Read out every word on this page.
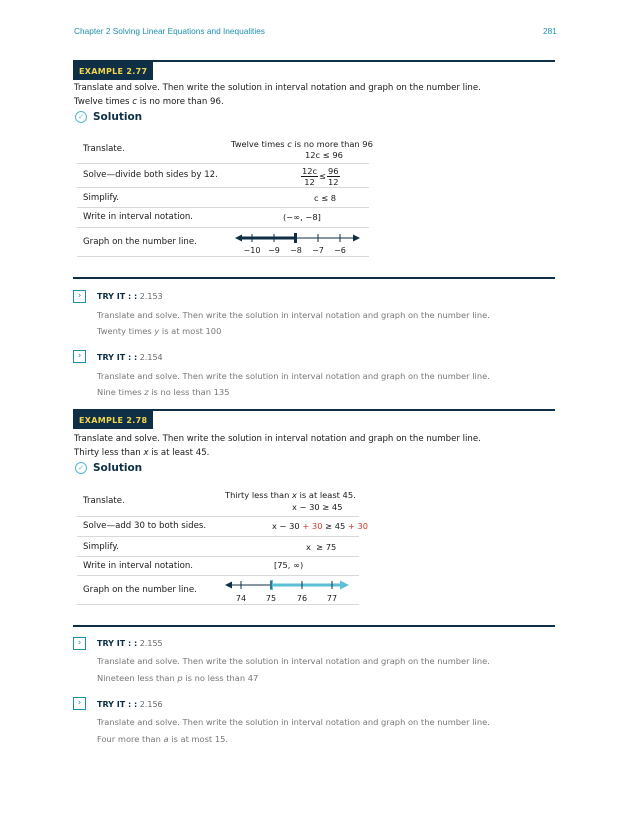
Chapter 2 Solving Linear Equations and Inequalities	281
EXAMPLE 2.77
Translate and solve. Then write the solution in interval notation and graph on the number line.
Twelve times c is no more than 96.
✓ Solution
Translate.	Twelve times c is no more than 96
12c ≤ 96
Solve—divide both sides by 12.	12c
12
≤ 96
12
Simplify.	c ≤ 8
Write in interval notation.	(−∞, −8]
Graph on the number line.
−10 −9 −8 −7 −6
›	TRY IT : : 2.153
Translate and solve. Then write the solution in interval notation and graph on the number line.
Twenty times y is at most 100
›	TRY IT : : 2.154
Translate and solve. Then write the solution in interval notation and graph on the number line.
Nine times z is no less than 135
EXAMPLE 2.78
Translate and solve. Then write the solution in interval notation and graph on the number line.
Thirty less than x is at least 45.
✓ Solution
Translate.
Thirty less than x is at least 45.
x − 30 ≥ 45
Solve—add 30 to both sides.	x − 30 + 30 ≥ 45 + 30
Simplify.	x  ≥ 75
Write in interval notation.	[75, ∞)
Graph on the number line.
74 75	76 77
›	TRY IT : : 2.155
Translate and solve. Then write the solution in interval notation and graph on the number line.
Nineteen less than p is no less than 47
›	TRY IT : : 2.156
Translate and solve. Then write the solution in interval notation and graph on the number line.
Four more than a is at most 15.
